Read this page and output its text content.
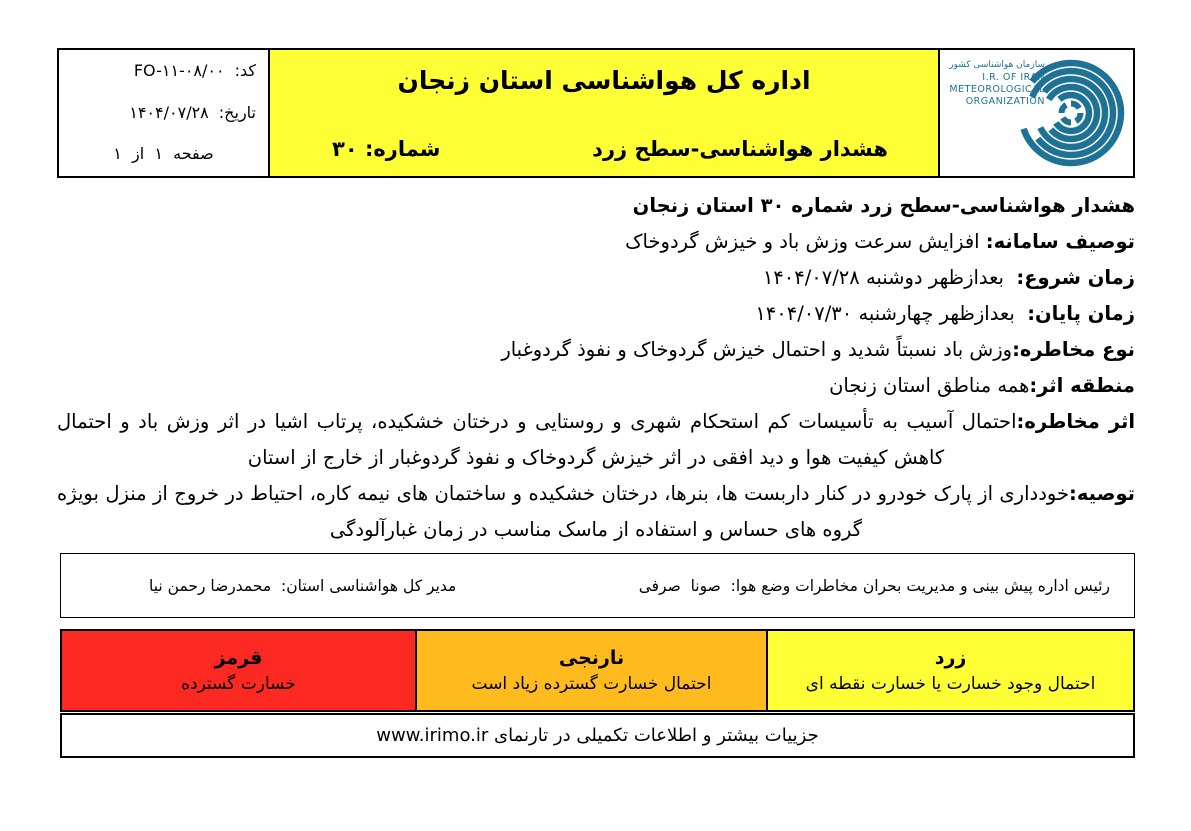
کد:
FO-۱۱-۰۸/۰۰
تاریخ:
۱۴۰۴/۰۷/۲۸
صفحه  ۱  از  ۱
اداره کل هواشناسی استان زنجان
هشدار هواشناسی-سطح زرد
شماره: ۳۰
سازمان هواشناسی کشور
I.R. OF IRAN
METEOROLOGICAL
ORGANIZATION
هشدار هواشناسی-سطح زرد شماره ۳۰ استان زنجان
توصیف سامانه: افزایش سرعت وزش باد و خیزش گردوخاک
زمان شروع:  بعدازظهر دوشنبه ۱۴۰۴/۰۷/۲۸
زمان پایان:  بعدازظهر چهارشنبه ۱۴۰۴/۰۷/۳۰
نوع مخاطره:وزش باد نسبتاً شدید و احتمال خیزش گردوخاک و نفوذ گردوغبار
منطقه اثر:همه مناطق استان زنجان
اثر مخاطره:احتمال آسیب به تأسیسات کم استحکام شهری و روستایی و درختان خشکیده، پرتاب اشیا در اثر وزش باد و احتمال کاهش کیفیت هوا و دید افقی در اثر خیزش گردوخاک و نفوذ گردوغبار از خارج از استان
توصیه:خودداری از پارک خودرو در کنار داربست ها، بنرها، درختان خشکیده و ساختمان های نیمه کاره، احتیاط در خروج از منزل بویژه گروه های حساس و استفاده از ماسک مناسب در زمان غبارآلودگی
رئیس اداره پیش بینی و مدیریت بحران مخاطرات وضع هوا:  صونا  صرفی
مدیر کل هواشناسی استان:  محمدرضا رحمن نیا
قرمز
خسارت گسترده
نارنجی
احتمال خسارت گسترده زیاد است
زرد
احتمال وجود خسارت یا خسارت نقطه ای
جزییات بیشتر و اطلاعات تکمیلی در تارنمای www.irimo.ir
